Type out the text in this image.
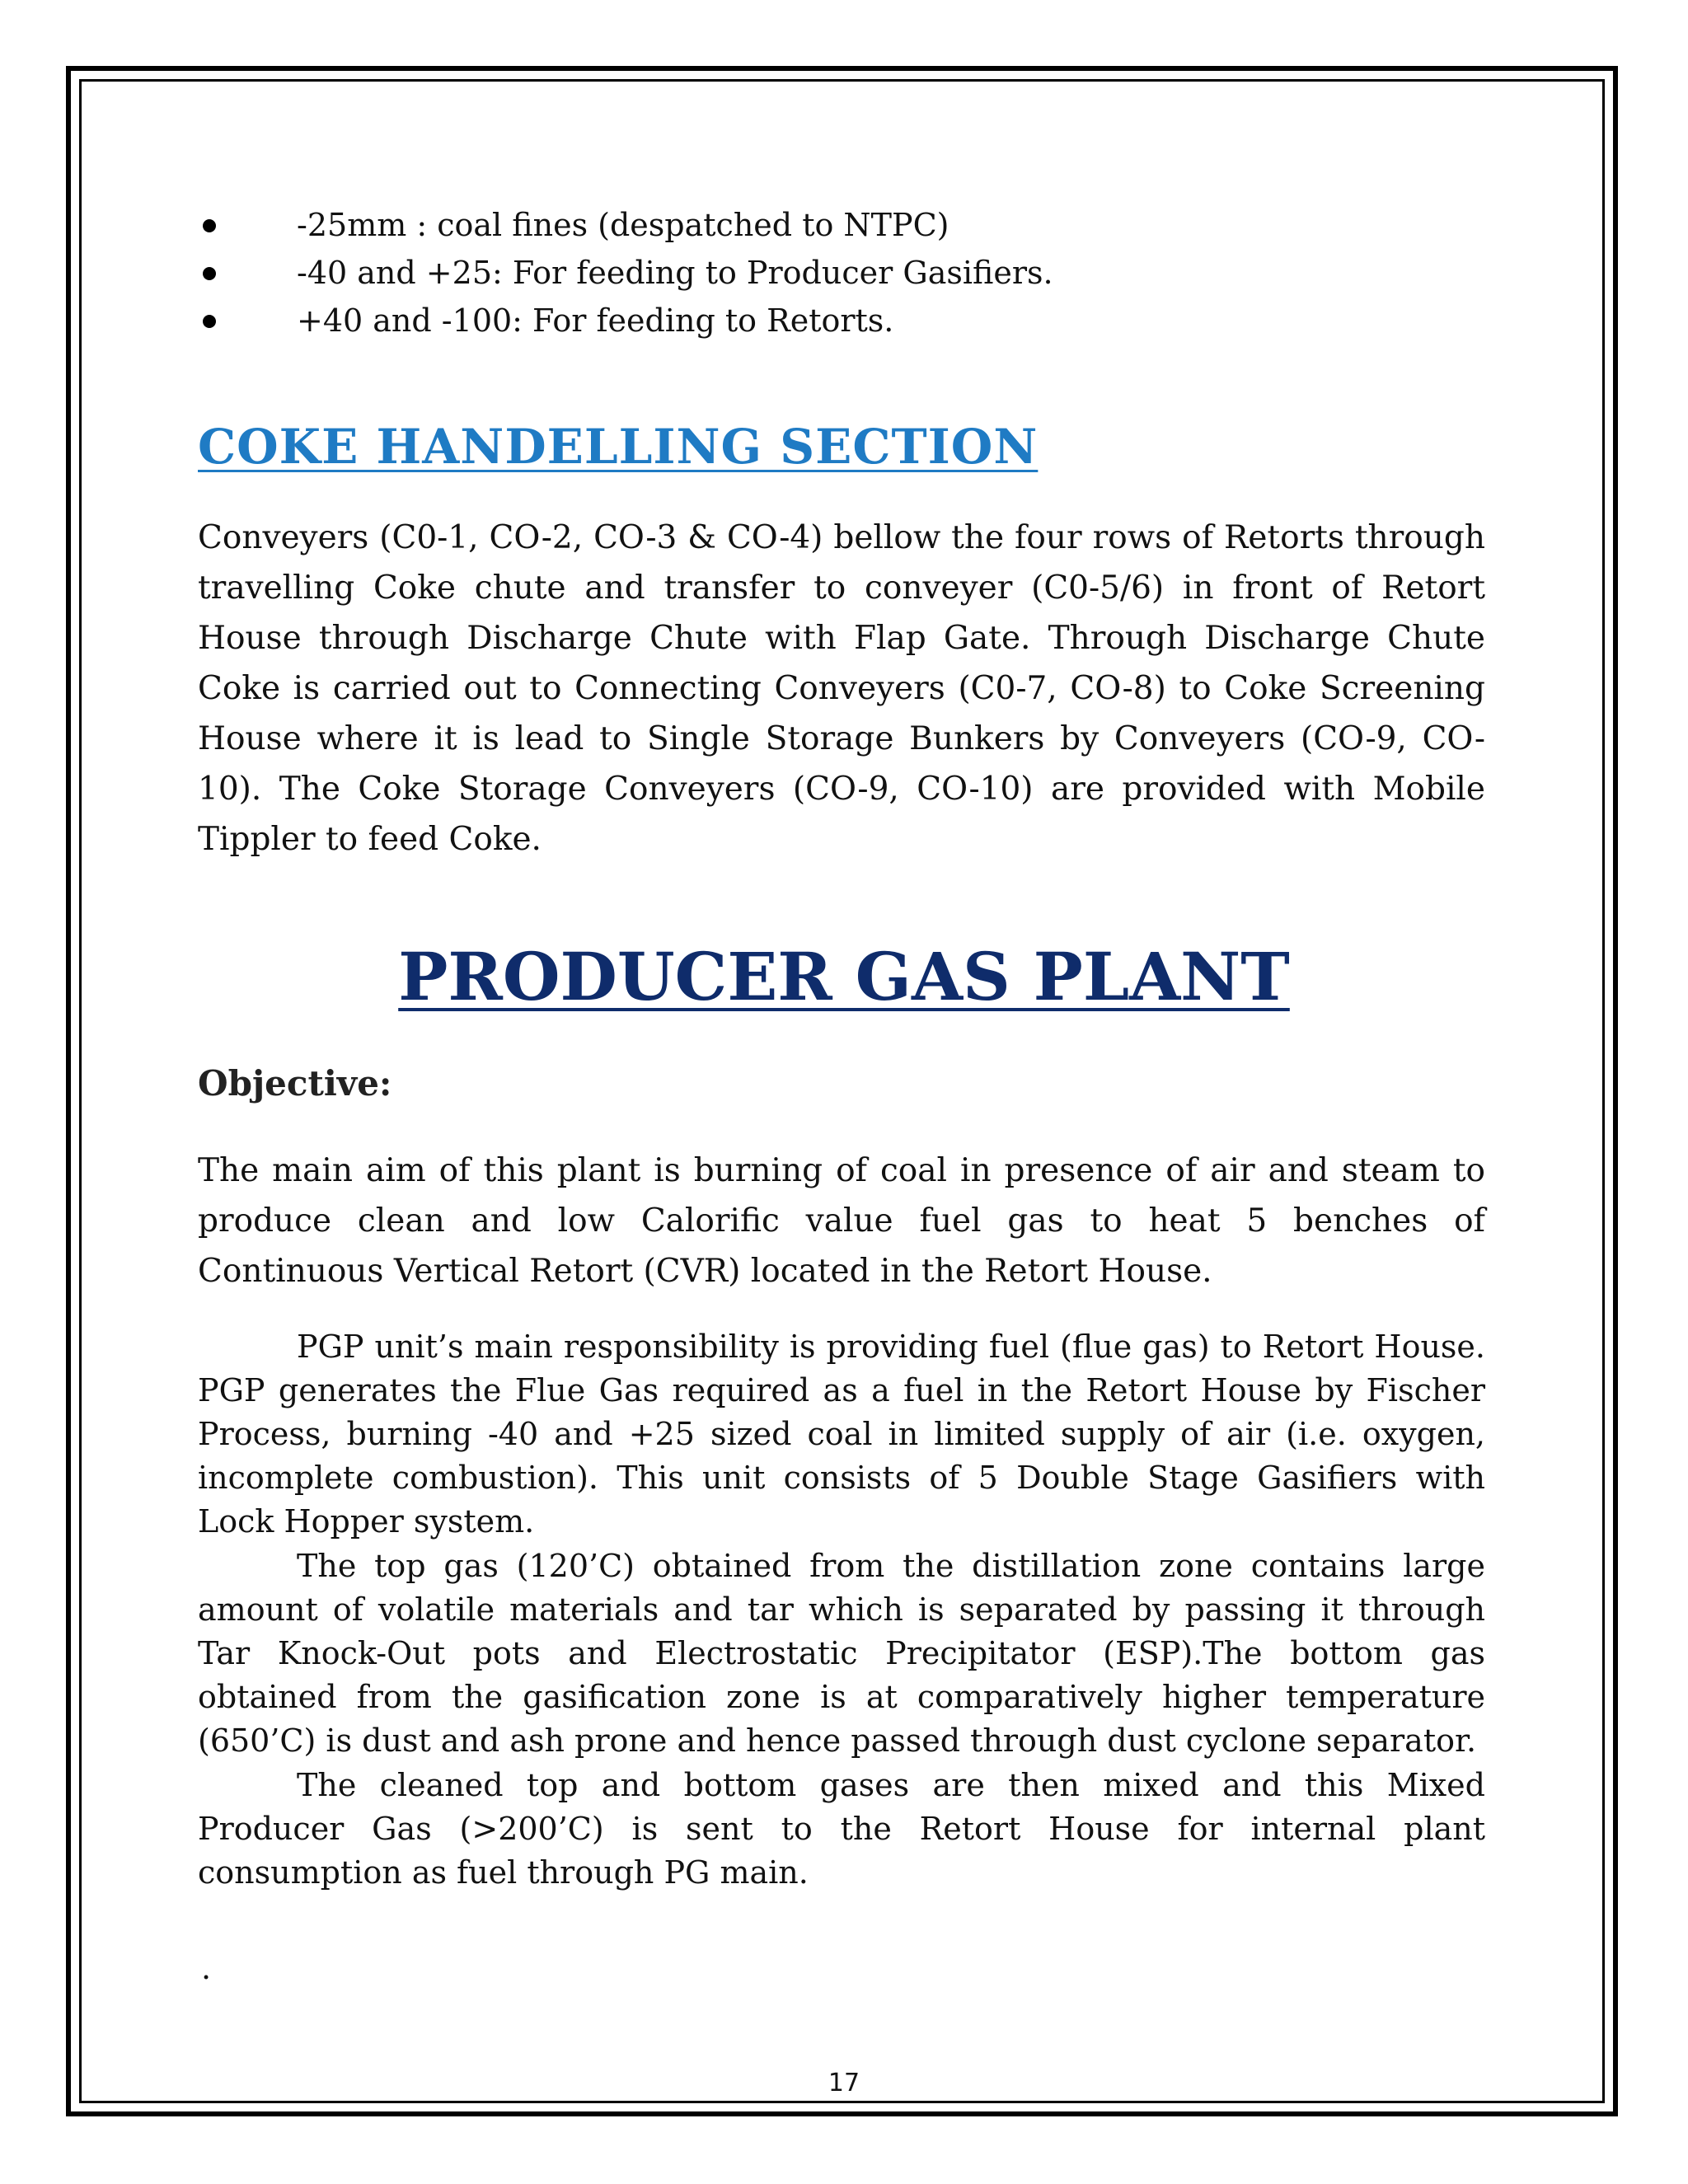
-25mm : coal fines (despatched to NTPC)
-40 and +25: For feeding to Producer Gasifiers.
+40 and -100: For feeding to Retorts.
COKE HANDELLING SECTION

Conveyers (C0-1, CO-2, CO-3 & CO-4) bellow the four rows of Retorts through travelling Coke chute and transfer to conveyer (C0-5/6) in front of Retort House through Discharge Chute with Flap Gate. Through Discharge Chute Coke is carried out to Connecting Conveyers (C0-7, CO-8) to Coke Screening House where it is lead to Single Storage Bunkers by Conveyers (CO-9, CO-10). The Coke Storage Conveyers (CO-9, CO-10) are provided with Mobile Tippler to feed Coke.

PRODUCER GAS PLANT
Objective:

The main aim of this plant is burning of coal in presence of air and steam to produce clean and low Calorific value fuel gas to heat 5 benches of Continuous Vertical Retort (CVR) located in the Retort House.

PGP unit’s main responsibility is providing fuel (flue gas) to Retort House. PGP generates the Flue Gas required as a fuel in the Retort House by Fischer Process, burning -40 and +25 sized coal in limited supply of air (i.e. oxygen, incomplete combustion). This unit consists of 5 Double Stage Gasifiers with Lock Hopper system.

The top gas (120’C) obtained from the distillation zone contains large amount of volatile materials and tar which is separated by passing it through Tar Knock-Out pots and Electrostatic Precipitator (ESP).The bottom gas obtained from the gasification zone is at comparatively higher temperature (650’C) is dust and ash prone and hence passed through dust cyclone separator.

The cleaned top and bottom gases are then mixed and this Mixed Producer Gas (>200’C) is sent to the Retort House for internal plant consumption as fuel through PG main.

.
17
